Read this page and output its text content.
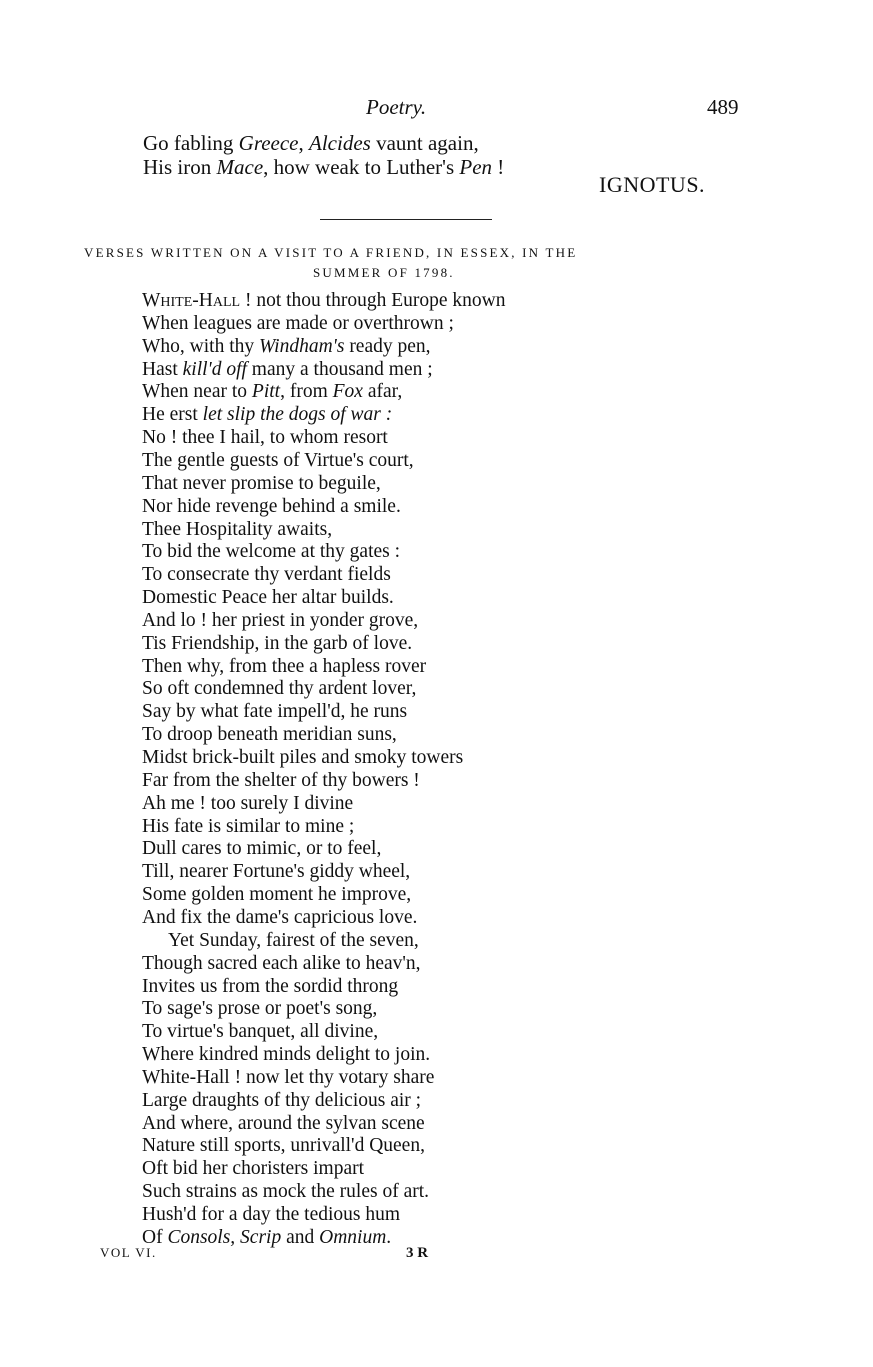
Poetry.	489
Go fabling Greece, Alcides vaunt again,
His iron Mace, how weak to Luther's Pen !
IGNOTUS.
VERSES WRITTEN ON A VISIT TO A FRIEND, IN ESSEX, IN THE
SUMMER OF 1798.
White-Hall ! not thou through Europe known
When leagues are made or overthrown ;
Who, with thy Windham's ready pen,
Hast kill'd off many a thousand men ;
When near to Pitt, from Fox afar,
He erst let slip the dogs of war :
No ! thee I hail, to whom resort
The gentle guests of Virtue's court,
That never promise to beguile,
Nor hide revenge behind a smile.
Thee Hospitality awaits,
To bid the welcome at thy gates :
To consecrate thy verdant fields
Domestic Peace her altar builds.
And lo ! her priest in yonder grove,
Tis Friendship, in the garb of love.
Then why, from thee a hapless rover
So oft condemned thy ardent lover,
Say by what fate impell'd, he runs
To droop beneath meridian suns,
Midst brick-built piles and smoky towers
Far from the shelter of thy bowers !
Ah me ! too surely I divine
His fate is similar to mine ;
Dull cares to mimic, or to feel,
Till, nearer Fortune's giddy wheel,
Some golden moment he improve,
And fix the dame's capricious love.
Yet Sunday, fairest of the seven,
Though sacred each alike to heav'n,
Invites us from the sordid throng
To sage's prose or poet's song,
To virtue's banquet, all divine,
Where kindred minds delight to join.
White-Hall ! now let thy votary share
Large draughts of thy delicious air ;
And where, around the sylvan scene
Nature still sports, unrivall'd Queen,
Oft bid her choristers impart
Such strains as mock the rules of art.
Hush'd for a day the tedious hum
Of Consols, Scrip and Omnium.
VOL VI.	3 R
